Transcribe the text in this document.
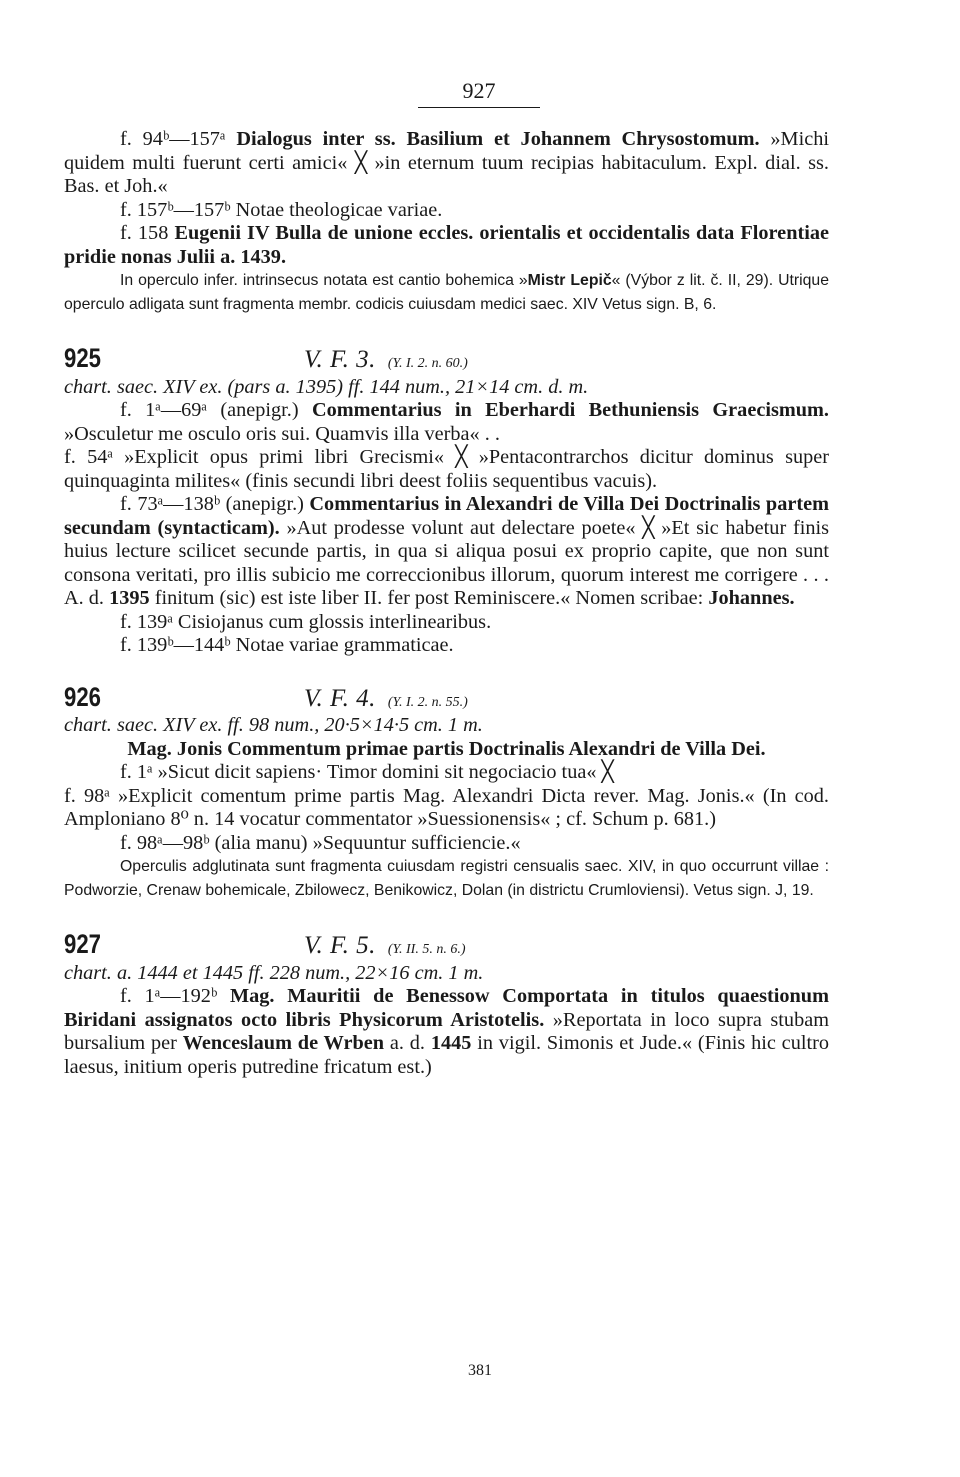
927

f. 94ᵇ—157ᵃ Dialogus inter ss. Basilium et Johannem Chrysostomum. »Michi quidem multi fuerunt certi amici« ╳ »in eternum tuum recipias habitaculum. Expl. dial. ss. Bas. et Joh.«

f. 157ᵇ—157ᵇ Notae theologicae variae.

f. 158 Eugenii IV Bulla de unione eccles. orientalis et occidentalis data Florentiae pridie nonas Julii a. 1439.

In operculo infer. intrinsecus notata est cantio bohemica »Mistr Lepič« (Výbor z lit. č. II, 29). Utrique operculo adligata sunt fragmenta membr. codicis cuiusdam medici saec. XIV Vetus sign. B, 6.

925	V. F. 3. (Y. I. 2. n. 60.)

chart. saec. XIV ex. (pars a. 1395) ff. 144 num., 21×14 cm. d. m.

f. 1ᵃ—69ᵃ (anepigr.) Commentarius in Eberhardi Bethuniensis Graecismum. »Osculetur me osculo oris sui. Quamvis illa verba« . .

f. 54ᵃ »Explicit opus primi libri Grecismi« ╳ »Pentacontrarchos dicitur dominus super quinquaginta milites« (finis secundi libri deest foliis sequentibus vacuis).

f. 73ᵃ—138ᵇ (anepigr.) Commentarius in Alexandri de Villa Dei Doctrinalis partem secundam (syntacticam). »Aut prodesse volunt aut delectare poete« ╳ »Et sic habetur finis huius lecture scilicet secunde partis, in qua si aliqua posui ex proprio capite, que non sunt consona veritati, pro illis subicio me correccionibus illorum, quorum interest me corrigere . . . A. d. 1395 finitum (sic) est iste liber II. fer post Reminiscere.« Nomen scribae: Johannes.

f. 139ᵃ Cisiojanus cum glossis interlinearibus.

f. 139ᵇ—144ᵇ Notae variae grammaticae.

926	V. F. 4. (Y. I. 2. n. 55.)

chart. saec. XIV ex. ff. 98 num., 20·5×14·5 cm. 1 m.

Mag. Jonis Commentum primae partis Doctrinalis Alexandri de Villa Dei.

f. 1ᵃ »Sicut dicit sapiens· Timor domini sit negociacio tua« ╳

f. 98ᵃ »Explicit comentum prime partis Mag. Alexandri Dicta rever. Mag. Jonis.« (In cod. Amploniano 8⁰ n. 14 vocatur commentator »Suessionensis« ; cf. Schum p. 681.)

f. 98ᵃ—98ᵇ (alia manu) »Sequuntur sufficiencie.«

Operculis adglutinata sunt fragmenta cuiusdam registri censualis saec. XIV, in quo occurrunt villae : Podworzie, Crenaw bohemicale, Zbilowecz, Benikowicz, Dolan (in districtu Crumloviensi). Vetus sign. J, 19.

927	V. F. 5. (Y. II. 5. n. 6.)

chart. a. 1444 et 1445 ff. 228 num., 22×16 cm. 1 m.

f. 1ᵃ—192ᵇ Mag. Mauritii de Benessow Comportata in titulos quaestionum Biridani assignatos octo libris Physicorum Aristotelis. »Reportata in loco supra stubam bursalium per Wenceslaum de Wrben a. d. 1445 in vigil. Simonis et Jude.« (Finis hic cultro laesus, initium operis putredine fricatum est.)

381
